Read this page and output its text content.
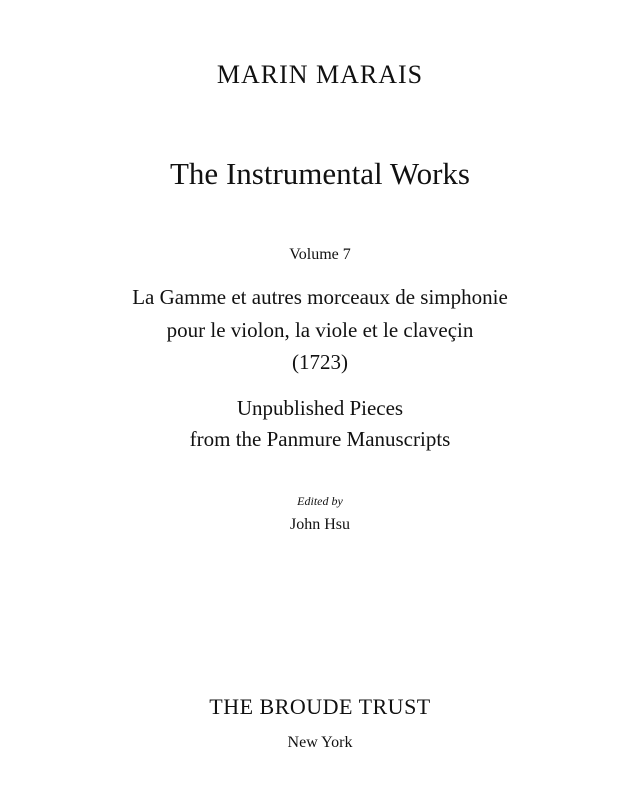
MARIN MARAIS
The Instrumental Works
Volume 7
La Gamme et autres morceaux de simphonie
pour le violon, la viole et le claveçin
(1723)
Unpublished Pieces
from the Panmure Manuscripts
Edited by
John Hsu
THE BROUDE TRUST
New York
